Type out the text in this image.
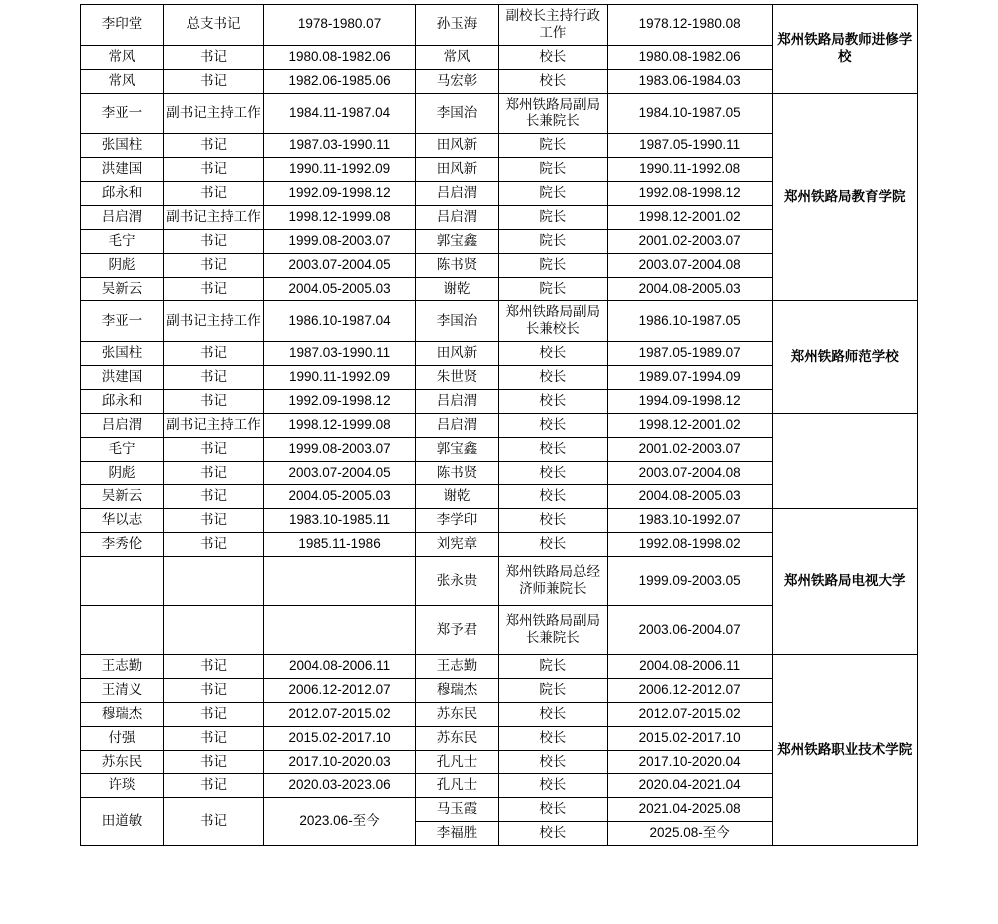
李印堂	总支书记	1978-1980.07	孙玉海	副校长主持行政工作	1978.12-1980.08	郑州铁路局教师进修学校
常风	书记	1980.08-1982.06	常风	校长	1980.08-1982.06	
常风	书记	1982.06-1985.06	马宏彰	校长	1983.06-1984.03	
李亚一	副书记主持工作	1984.11-1987.04	李国治	郑州铁路局副局长兼院长	1984.10-1987.05	郑州铁路局教育学院
张国柱	书记	1987.03-1990.11	田风新	院长	1987.05-1990.11	
洪建国	书记	1990.11-1992.09	田风新	院长	1990.11-1992.08	
邱永和	书记	1992.09-1998.12	吕启渭	院长	1992.08-1998.12	
吕启渭	副书记主持工作	1998.12-1999.08	吕启渭	院长	1998.12-2001.02	
毛宁	书记	1999.08-2003.07	郭宝鑫	院长	2001.02-2003.07	
阴彪	书记	2003.07-2004.05	陈书贤	院长	2003.07-2004.08	
吴新云	书记	2004.05-2005.03	谢乾	院长	2004.08-2005.03	
李亚一	副书记主持工作	1986.10-1987.04	李国治	郑州铁路局副局长兼校长	1986.10-1987.05	郑州铁路师范学校
张国柱	书记	1987.03-1990.11	田风新	校长	1987.05-1989.07	
洪建国	书记	1990.11-1992.09	朱世贤	校长	1989.07-1994.09	
邱永和	书记	1992.09-1998.12	吕启渭	校长	1994.09-1998.12	
吕启渭	副书记主持工作	1998.12-1999.08	吕启渭	校长	1998.12-2001.02	
毛宁	书记	1999.08-2003.07	郭宝鑫	校长	2001.02-2003.07	
阴彪	书记	2003.07-2004.05	陈书贤	校长	2003.07-2004.08	
吴新云	书记	2004.05-2005.03	谢乾	校长	2004.08-2005.03	
华以志	书记	1983.10-1985.11	李学印	校长	1983.10-1992.07	郑州铁路局电视大学
李秀伦	书记	1985.11-1986	刘宪章	校长	1992.08-1998.02	
			张永贵	郑州铁路局总经济师兼院长	1999.09-2003.05	
			郑予君	郑州铁路局副局长兼院长	2003.06-2004.07	
王志勤	书记	2004.08-2006.11	王志勤	院长	2004.08-2006.11	郑州铁路职业技术学院
王清义	书记	2006.12-2012.07	穆瑞杰	院长	2006.12-2012.07	
穆瑞杰	书记	2012.07-2015.02	苏东民	校长	2012.07-2015.02	
付强	书记	2015.02-2017.10	苏东民	校长	2015.02-2017.10	
苏东民	书记	2017.10-2020.03	孔凡士	校长	2017.10-2020.04	
许琰	书记	2020.03-2023.06	孔凡士	校长	2020.04-2021.04	
田道敏	书记	2023.06-至今	马玉霞	校长	2021.04-2025.08	
			李福胜	校长	2025.08-至今	
